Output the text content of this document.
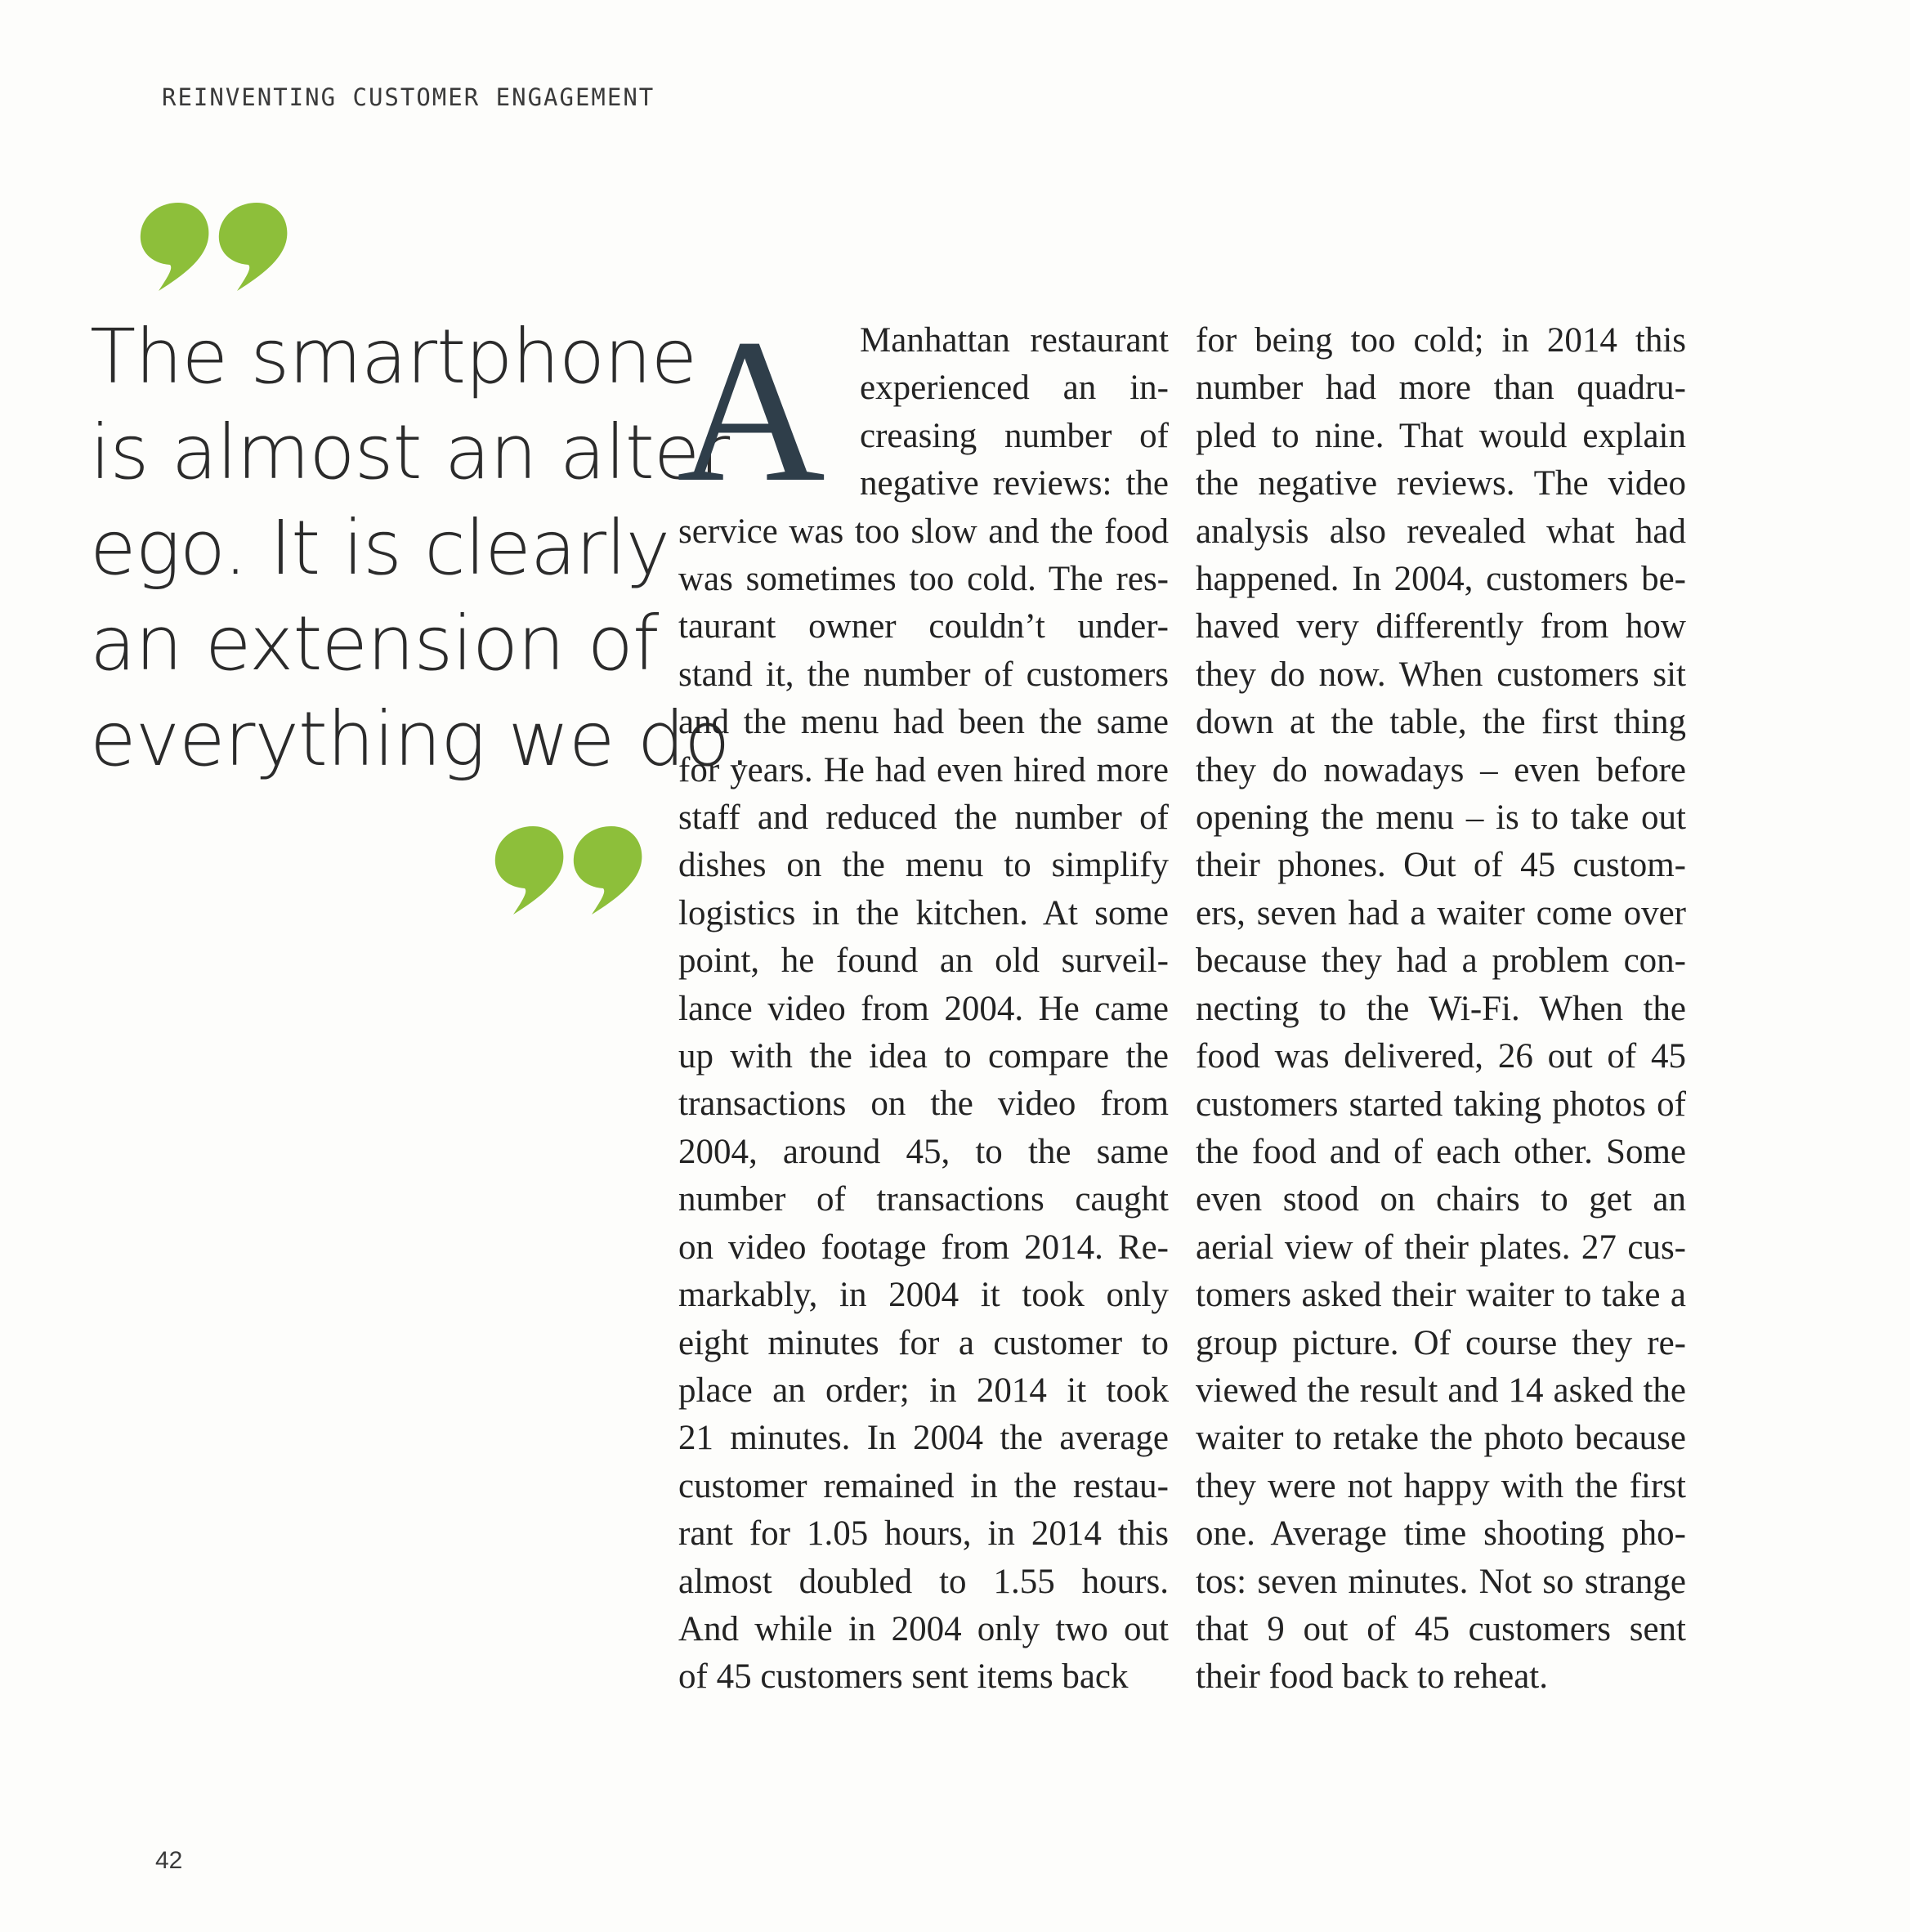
REINVENTING CUSTOMER ENGAGEMENT
The smartphone
is almost an alter
ego. It is clearly
an extension of
everything we do.
A Manhattan restaurant
experienced an in-
creasing number of
negative reviews: the
service was too slow and the food
was sometimes too cold. The res-
taurant owner couldn’t under-
stand it, the number of customers
and the menu had been the same
for years. He had even hired more
staff and reduced the number of
dishes on the menu to simplify
logistics in the kitchen. At some
point, he found an old surveil-
lance video from 2004. He came
up with the idea to compare the
transactions on the video from
2004, around 45, to the same
number of transactions caught
on video footage from 2014. Re-
markably, in 2004 it took only
eight minutes for a customer to
place an order; in 2014 it took
21 minutes. In 2004 the average
customer remained in the restau-
rant for 1.05 hours, in 2014 this
almost doubled to 1.55 hours.
And while in 2004 only two out
of 45 customers sent items back
for being too cold; in 2014 this
number had more than quadru-
pled to nine. That would explain
the negative reviews. The video
analysis also revealed what had
happened. In 2004, customers be-
haved very differently from how
they do now. When customers sit
down at the table, the first thing
they do nowadays – even before
opening the menu – is to take out
their phones. Out of 45 custom-
ers, seven had a waiter come over
because they had a problem con-
necting to the Wi-Fi. When the
food was delivered, 26 out of 45
customers started taking photos of
the food and of each other. Some
even stood on chairs to get an
aerial view of their plates. 27 cus-
tomers asked their waiter to take a
group picture. Of course they re-
viewed the result and 14 asked the
waiter to retake the photo because
they were not happy with the first
one. Average time shooting pho-
tos: seven minutes. Not so strange
that 9 out of 45 customers sent
their food back to reheat.
42
